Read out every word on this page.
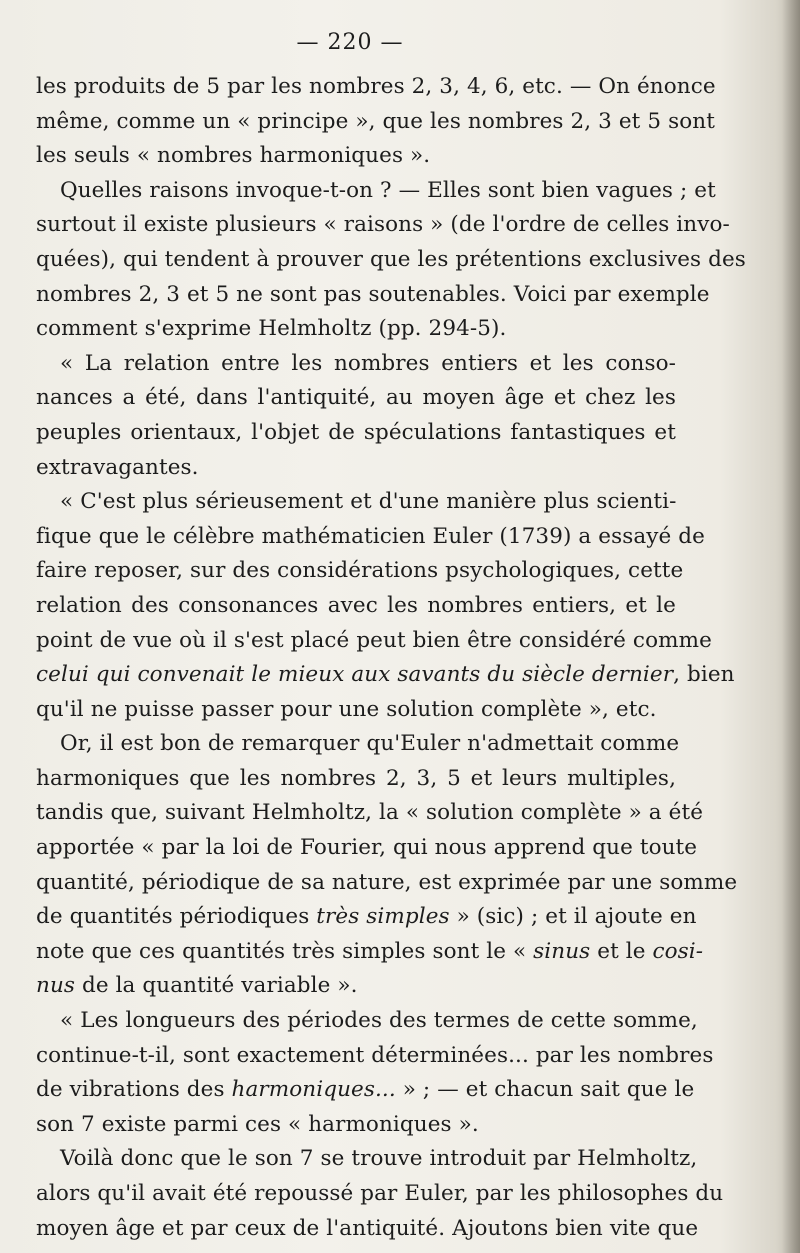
— 220 —
les produits de 5 par les nombres 2, 3, 4, 6, etc. — On énonce
même, comme un « principe », que les nombres 2, 3 et 5 sont
les seuls « nombres harmoniques ».
Quelles raisons invoque-t-on ? — Elles sont bien vagues ; et
surtout il existe plusieurs « raisons » (de l'ordre de celles invo-
quées), qui tendent à prouver que les prétentions exclusives des
nombres 2, 3 et 5 ne sont pas soutenables. Voici par exemple
comment s'exprime Helmholtz (pp. 294-5).
« La relation entre les nombres entiers et les conso-
nances a été, dans l'antiquité, au moyen âge et chez les
peuples orientaux, l'objet de spéculations fantastiques et
extravagantes.
« C'est plus sérieusement et d'une manière plus scienti-
fique que le célèbre mathématicien Euler (1739) a essayé de
faire reposer, sur des considérations psychologiques, cette
relation des consonances avec les nombres entiers, et le
point de vue où il s'est placé peut bien être considéré comme
celui qui convenait le mieux aux savants du siècle dernier, bien
qu'il ne puisse passer pour une solution complète », etc.
Or, il est bon de remarquer qu'Euler n'admettait comme
harmoniques que les nombres 2, 3, 5 et leurs multiples,
tandis que, suivant Helmholtz, la « solution complète » a été
apportée « par la loi de Fourier, qui nous apprend que toute
quantité, périodique de sa nature, est exprimée par une somme
de quantités périodiques très simples » (sic) ; et il ajoute en
note que ces quantités très simples sont le « sinus et le cosi-
nus de la quantité variable ».
« Les longueurs des périodes des termes de cette somme,
continue-t-il, sont exactement déterminées... par les nombres
de vibrations des harmoniques... » ; — et chacun sait que le
son 7 existe parmi ces « harmoniques ».
Voilà donc que le son 7 se trouve introduit par Helmholtz,
alors qu'il avait été repoussé par Euler, par les philosophes du
moyen âge et par ceux de l'antiquité. Ajoutons bien vite que
